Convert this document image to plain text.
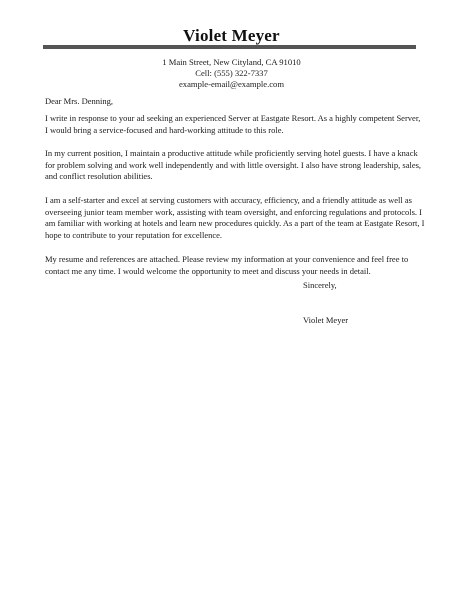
Violet Meyer
1 Main Street, New Cityland, CA 91010
Cell: (555) 322-7337
example-email@example.com

Dear Mrs. Denning,

I write in response to your ad seeking an experienced Server at Eastgate Resort. As a highly competent Server, I would bring a service-focused and hard-working attitude to this role.

In my current position, I maintain a productive attitude while proficiently serving hotel guests. I have a knack for problem solving and work well independently and with little oversight. I also have strong leadership, sales, and conflict resolution abilities.

I am a self-starter and excel at serving customers with accuracy, efficiency, and a friendly attitude as well as overseeing junior team member work, assisting with team oversight, and enforcing regulations and protocols. I am familiar with working at hotels and learn new procedures quickly. As a part of the team at Eastgate Resort, I hope to contribute to your reputation for excellence.

My resume and references are attached. Please review my information at your convenience and feel free to contact me any time. I would welcome the opportunity to meet and discuss your needs in detail.

Sincerely,
Violet Meyer
